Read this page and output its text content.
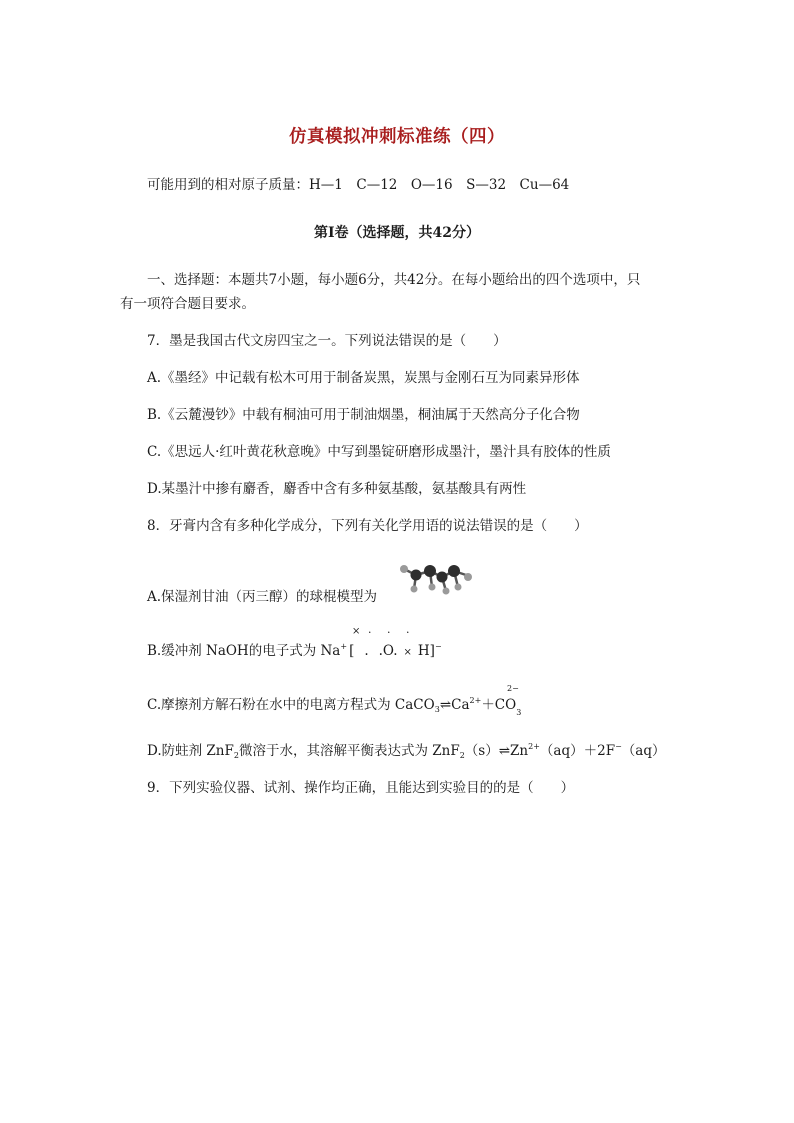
仿真模拟冲刺标准练（四）
可能用到的相对原子质量：H—1　C—12　O—16　S—32　Cu—64
第Ⅰ卷（选择题，共42分）
一、选择题：本题共7小题，每小题6分，共42分。在每小题给出的四个选项中，只
有一项符合题目要求。
7．墨是我国古代文房四宝之一。下列说法错误的是（　　）
A.《墨经》中记载有松木可用于制备炭黑，炭黑与金刚石互为同素异形体
B.《云麓漫钞》中载有桐油可用于制油烟墨，桐油属于天然高分子化合物
C.《思远人·红叶黄花秋意晚》中写到墨锭研磨形成墨汁，墨汁具有胶体的性质
D.某墨汁中掺有麝香，麝香中含有多种氨基酸，氨基酸具有两性
8．牙膏内含有多种化学成分，下列有关化学用语的说法错误的是（　　）
A.保湿剂甘油（丙三醇）的球棍模型为
B.缓冲剂 NaOH的电子式为 Na+ [ . .O. × H]−
× · · ·
C.摩擦剂方解石粉在水中的电离方程式为 $CaCO_3\rightleftharpoons Ca^{2+}+CO_3$
2−
D.防蛀剂 ZnF$_2$微溶于水，其溶解平衡表达式为 $ZnF_2(s)\rightleftharpoons Zn^{2+}(aq)+2F^-(aq)$
9．下列实验仪器、试剂、操作均正确，且能达到实验目的的是（　　）
